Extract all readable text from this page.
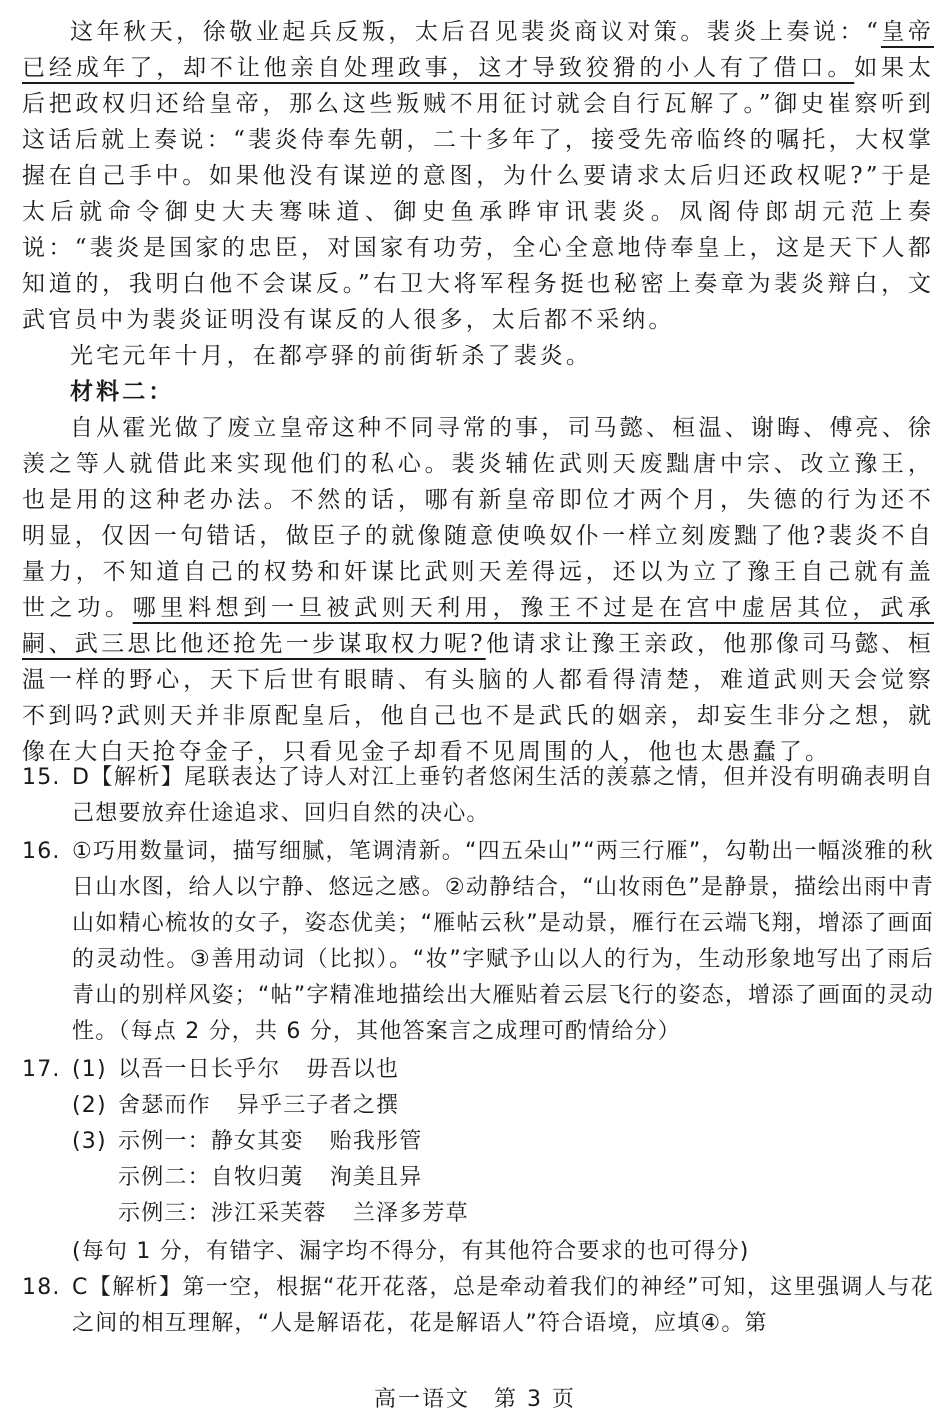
这年秋天，徐敬业起兵反叛，太后召见裴炎商议对策。裴炎上奏说：“皇帝已经成年了，却不让他亲自处理政事，这才导致狡猾的小人有了借口。如果太后把政权归还给皇帝，那么这些叛贼不用征讨就会自行瓦解了。”御史崔察听到这话后就上奏说：“裴炎侍奉先朝，二十多年了，接受先帝临终的嘱托，大权掌握在自己手中。如果他没有谋逆的意图，为什么要请求太后归还政权呢?”于是太后就命令御史大夫骞味道、御史鱼承晔审讯裴炎。凤阁侍郎胡元范上奏说：“裴炎是国家的忠臣，对国家有功劳，全心全意地侍奉皇上，这是天下人都知道的，我明白他不会谋反。”右卫大将军程务挺也秘密上奏章为裴炎辩白，文武官员中为裴炎证明没有谋反的人很多，太后都不采纳。

光宅元年十月，在都亭驿的前街斩杀了裴炎。

材料二：

自从霍光做了废立皇帝这种不同寻常的事，司马懿、桓温、谢晦、傅亮、徐羡之等人就借此来实现他们的私心。裴炎辅佐武则天废黜唐中宗、改立豫王，也是用的这种老办法。不然的话，哪有新皇帝即位才两个月，失德的行为还不明显，仅因一句错话，做臣子的就像随意使唤奴仆一样立刻废黜了他?裴炎不自量力，不知道自己的权势和奸谋比武则天差得远，还以为立了豫王自己就有盖世之功。哪里料想到一旦被武则天利用，豫王不过是在宫中虚居其位，武承嗣、武三思比他还抢先一步谋取权力呢?他请求让豫王亲政，他那像司马懿、桓温一样的野心，天下后世有眼睛、有头脑的人都看得清楚，难道武则天会觉察不到吗?武则天并非原配皇后，他自己也不是武氏的姻亲，却妄生非分之想，就像在大白天抢夺金子，只看见金子却看不见周围的人，他也太愚蠢了。

15. D【解析】尾联表达了诗人对江上垂钓者悠闲生活的羡慕之情，但并没有明确表明自己想要放弃仕途追求、回归自然的决心。
16. ①巧用数量词，描写细腻，笔调清新。“四五朵山”“两三行雁”，勾勒出一幅淡雅的秋日山水图，给人以宁静、悠远之感。②动静结合，“山妆雨色”是静景，描绘出雨中青山如精心梳妆的女子，姿态优美；“雁帖云秋”是动景，雁行在云端飞翔，增添了画面的灵动性。③善用动词（比拟）。“妆”字赋予山以人的行为，生动形象地写出了雨后青山的别样风姿；“帖”字精准地描绘出大雁贴着云层飞行的姿态，增添了画面的灵动性。（每点 2 分，共 6 分，其他答案言之成理可酌情给分）
17. (1) 以吾一日长乎尔 毋吾以也
(2) 舍瑟而作 异乎三子者之撰
(3) 示例一： 静女其娈 贻我彤管
示例二：自牧归荑 洵美且异
示例三：涉江采芙蓉 兰泽多芳草
(每句 1 分，有错字、漏字均不得分，有其他符合要求的也可得分)
18. C【解析】第一空，根据“花开花落，总是牵动着我们的神经”可知，这里强调人与花之间的相互理解，“人是解语花，花是解语人”符合语境，应填④。第
高一语文　第 3 页
